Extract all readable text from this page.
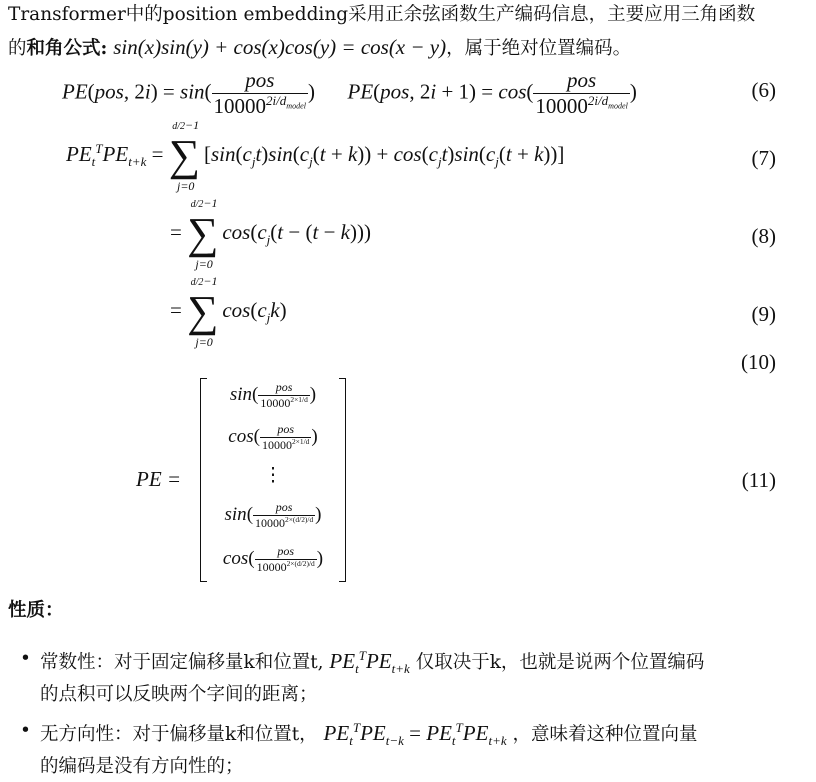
Transformer中的position embedding采用正余弦函数生产编码信息，主要应用三角函数
的和角公式: sin(x)sin(y) + cos(x)cos(y) = cos(x − y)，属于绝对位置编码。
PE(pos, $2i) = \sin( \frac{\text{pos}}{10000^{2i/d_{model}}}$ ) PE(pos, $2i + 1) = \cos( \frac{\text{pos}}{10000^{2i/d_{model}}}$ )	(6)
$PE_t^TPE_{t+k}$ =
d/2−1
∑
j=0
$[\sin(c_jt)\sin(c_j(t + k)) + \cos(c_jt)\sin(c_j(t + k))]$	(7)
=
d/2−1
∑
j=0
$\cos(c_j(t - (t - k)))$	(8)
=
d/2−1
∑
j=0
$\cos(c_jk)$	(9)
(10)
PE =
$\sin( \frac{\text{pos}}{10000^{2\times 1/d}}$ )
$\cos( \frac{\text{pos}}{10000^{2\times 1/d}}$ )
⋮
$\sin( \frac{\text{pos}}{10000^{2\times(d/2)/d}}$ )
$\cos( \frac{\text{pos}}{10000^{2\times(d/2)/d}}$ )
(11)
性质：
• 常数性：对于固定偏移量k和位置t, $PE_t^TPE_{t+k}$ 仅取决于k，也就是说两个位置编码
的点积可以反映两个字间的距离；
• 无方向性：对于偏移量k和位置t， $PE_t^TPE_{t-k} = PE_t^TPE_{t+k}$ ，意味着这种位置向量
的编码是没有方向性的；
